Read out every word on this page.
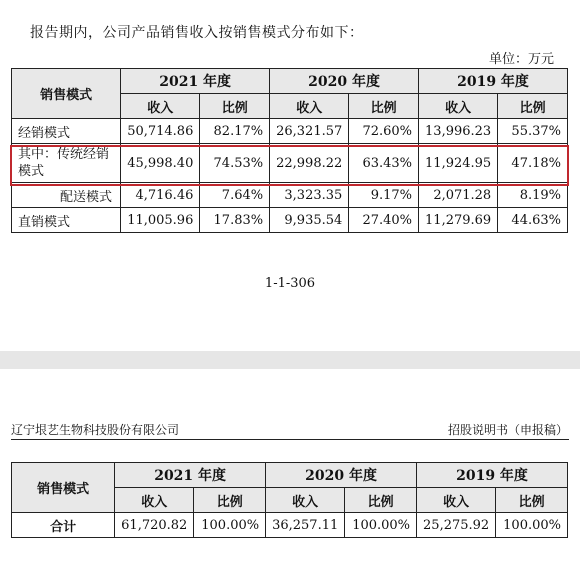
报告期内，公司产品销售收入按销售模式分布如下：
单位：万元
销售模式	2021 年度		2020 年度		2019 年度	
	收入	比例	收入	比例	收入	比例
经销模式	50,714.86	82.17%	26,321.57	72.60%	13,996.23	55.37%
其中：传统经销模式	45,998.40	74.53%	22,998.22	63.43%	11,924.95	47.18%
配送模式	4,716.46	7.64%	3,323.35	9.17%	2,071.28	8.19%
直销模式	11,005.96	17.83%	9,935.54	27.40%	11,279.69	44.63%
1-1-306
辽宁垠艺生物科技股份有限公司	招股说明书（申报稿）
销售模式	2021 年度		2020 年度		2019 年度	
	收入	比例	收入	比例	收入	比例
合计	61,720.82	100.00%	36,257.11	100.00%	25,275.92	100.00%
